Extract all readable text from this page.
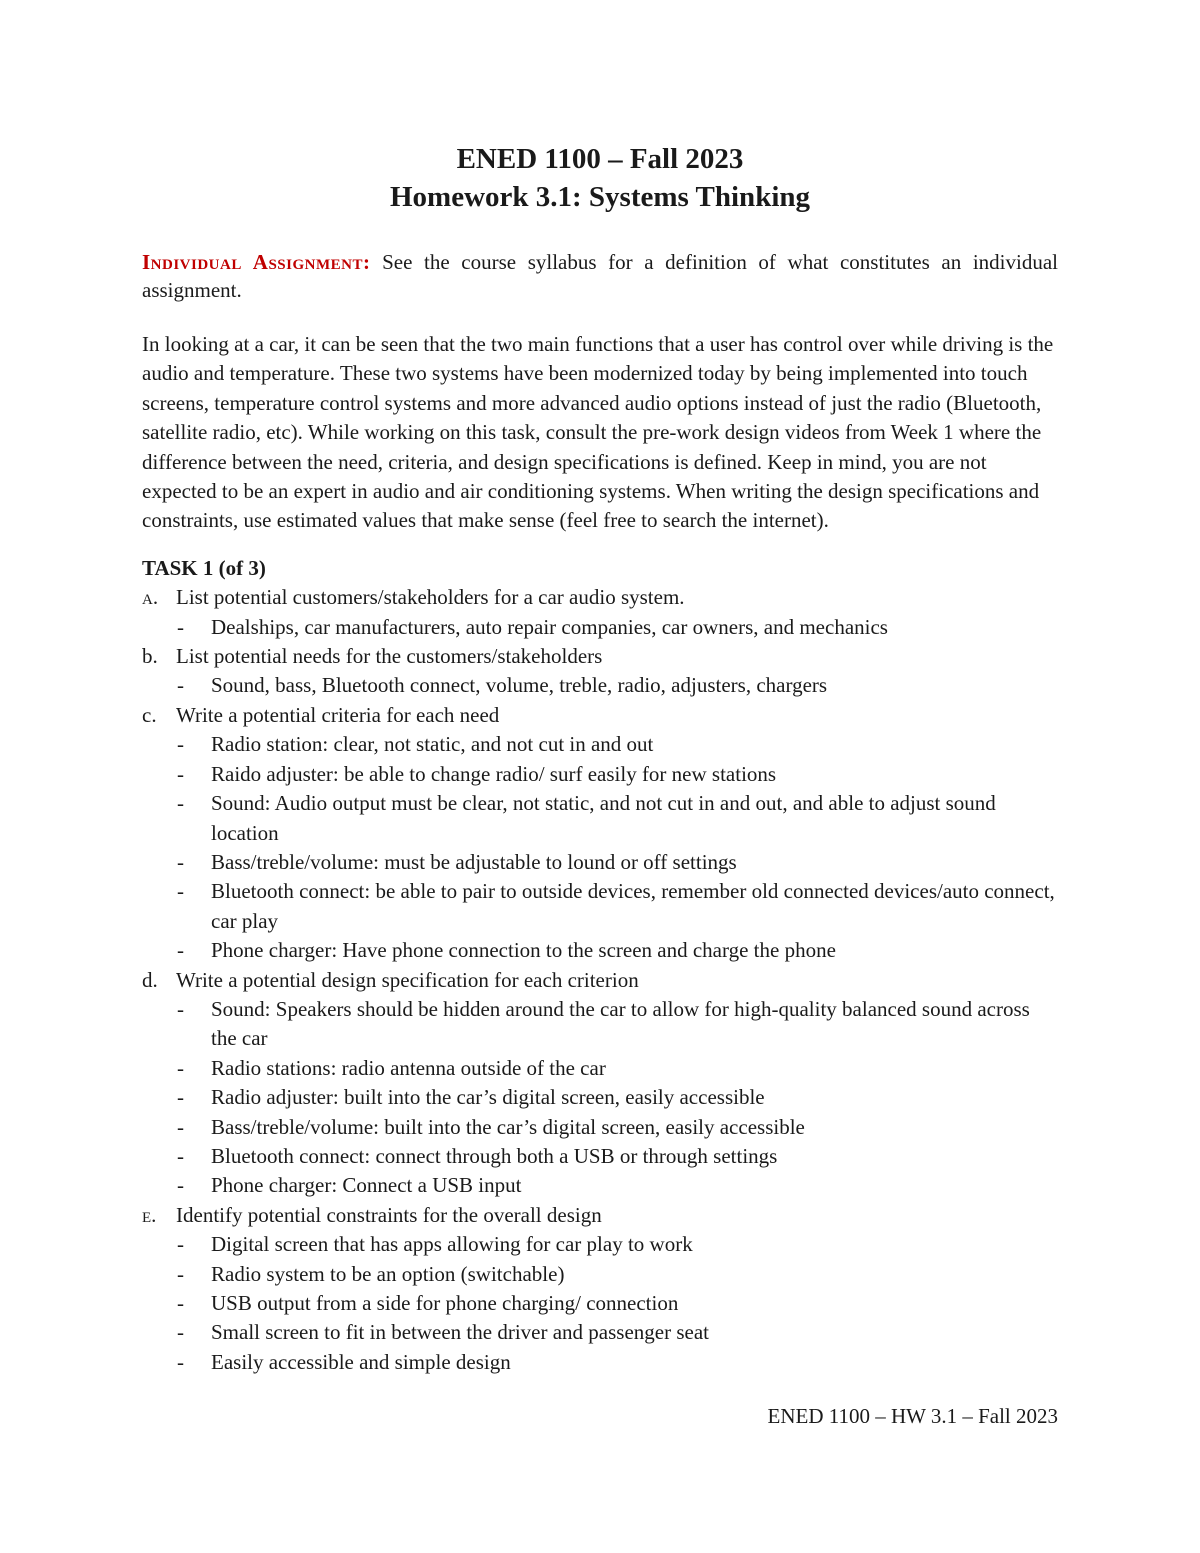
ENED 1100 – Fall 2023
Homework 3.1: Systems Thinking
Individual Assignment: See the course syllabus for a definition of what constitutes an individual assignment.
In looking at a car, it can be seen that the two main functions that a user has control over while driving is the audio and temperature. These two systems have been modernized today by being implemented into touch screens, temperature control systems and more advanced audio options instead of just the radio (Bluetooth, satellite radio, etc). While working on this task, consult the pre-work design videos from Week 1 where the difference between the need, criteria, and design specifications is defined. Keep in mind, you are not expected to be an expert in audio and air conditioning systems. When writing the design specifications and constraints, use estimated values that make sense (feel free to search the internet).
TASK 1 (of 3)
a. List potential customers/stakeholders for a car audio system.
- Dealships, car manufacturers, auto repair companies, car owners, and mechanics
b. List potential needs for the customers/stakeholders
- Sound, bass, Bluetooth connect, volume, treble, radio, adjusters, chargers
c. Write a potential criteria for each need
- Radio station: clear, not static, and not cut in and out
- Raido adjuster: be able to change radio/ surf easily for new stations
- Sound: Audio output must be clear, not static, and not cut in and out, and able to adjust sound location
- Bass/treble/volume: must be adjustable to lound or off settings
- Bluetooth connect: be able to pair to outside devices, remember old connected devices/auto connect, car play
- Phone charger: Have phone connection to the screen and charge the phone
d. Write a potential design specification for each criterion
- Sound: Speakers should be hidden around the car to allow for high-quality balanced sound across the car
- Radio stations: radio antenna outside of the car
- Radio adjuster: built into the car’s digital screen, easily accessible
- Bass/treble/volume: built into the car’s digital screen, easily accessible
- Bluetooth connect: connect through both a USB or through settings
- Phone charger: Connect a USB input
e. Identify potential constraints for the overall design
- Digital screen that has apps allowing for car play to work
- Radio system to be an option (switchable)
- USB output from a side for phone charging/ connection
- Small screen to fit in between the driver and passenger seat
- Easily accessible and simple design
ENED 1100 – HW 3.1 – Fall 2023
